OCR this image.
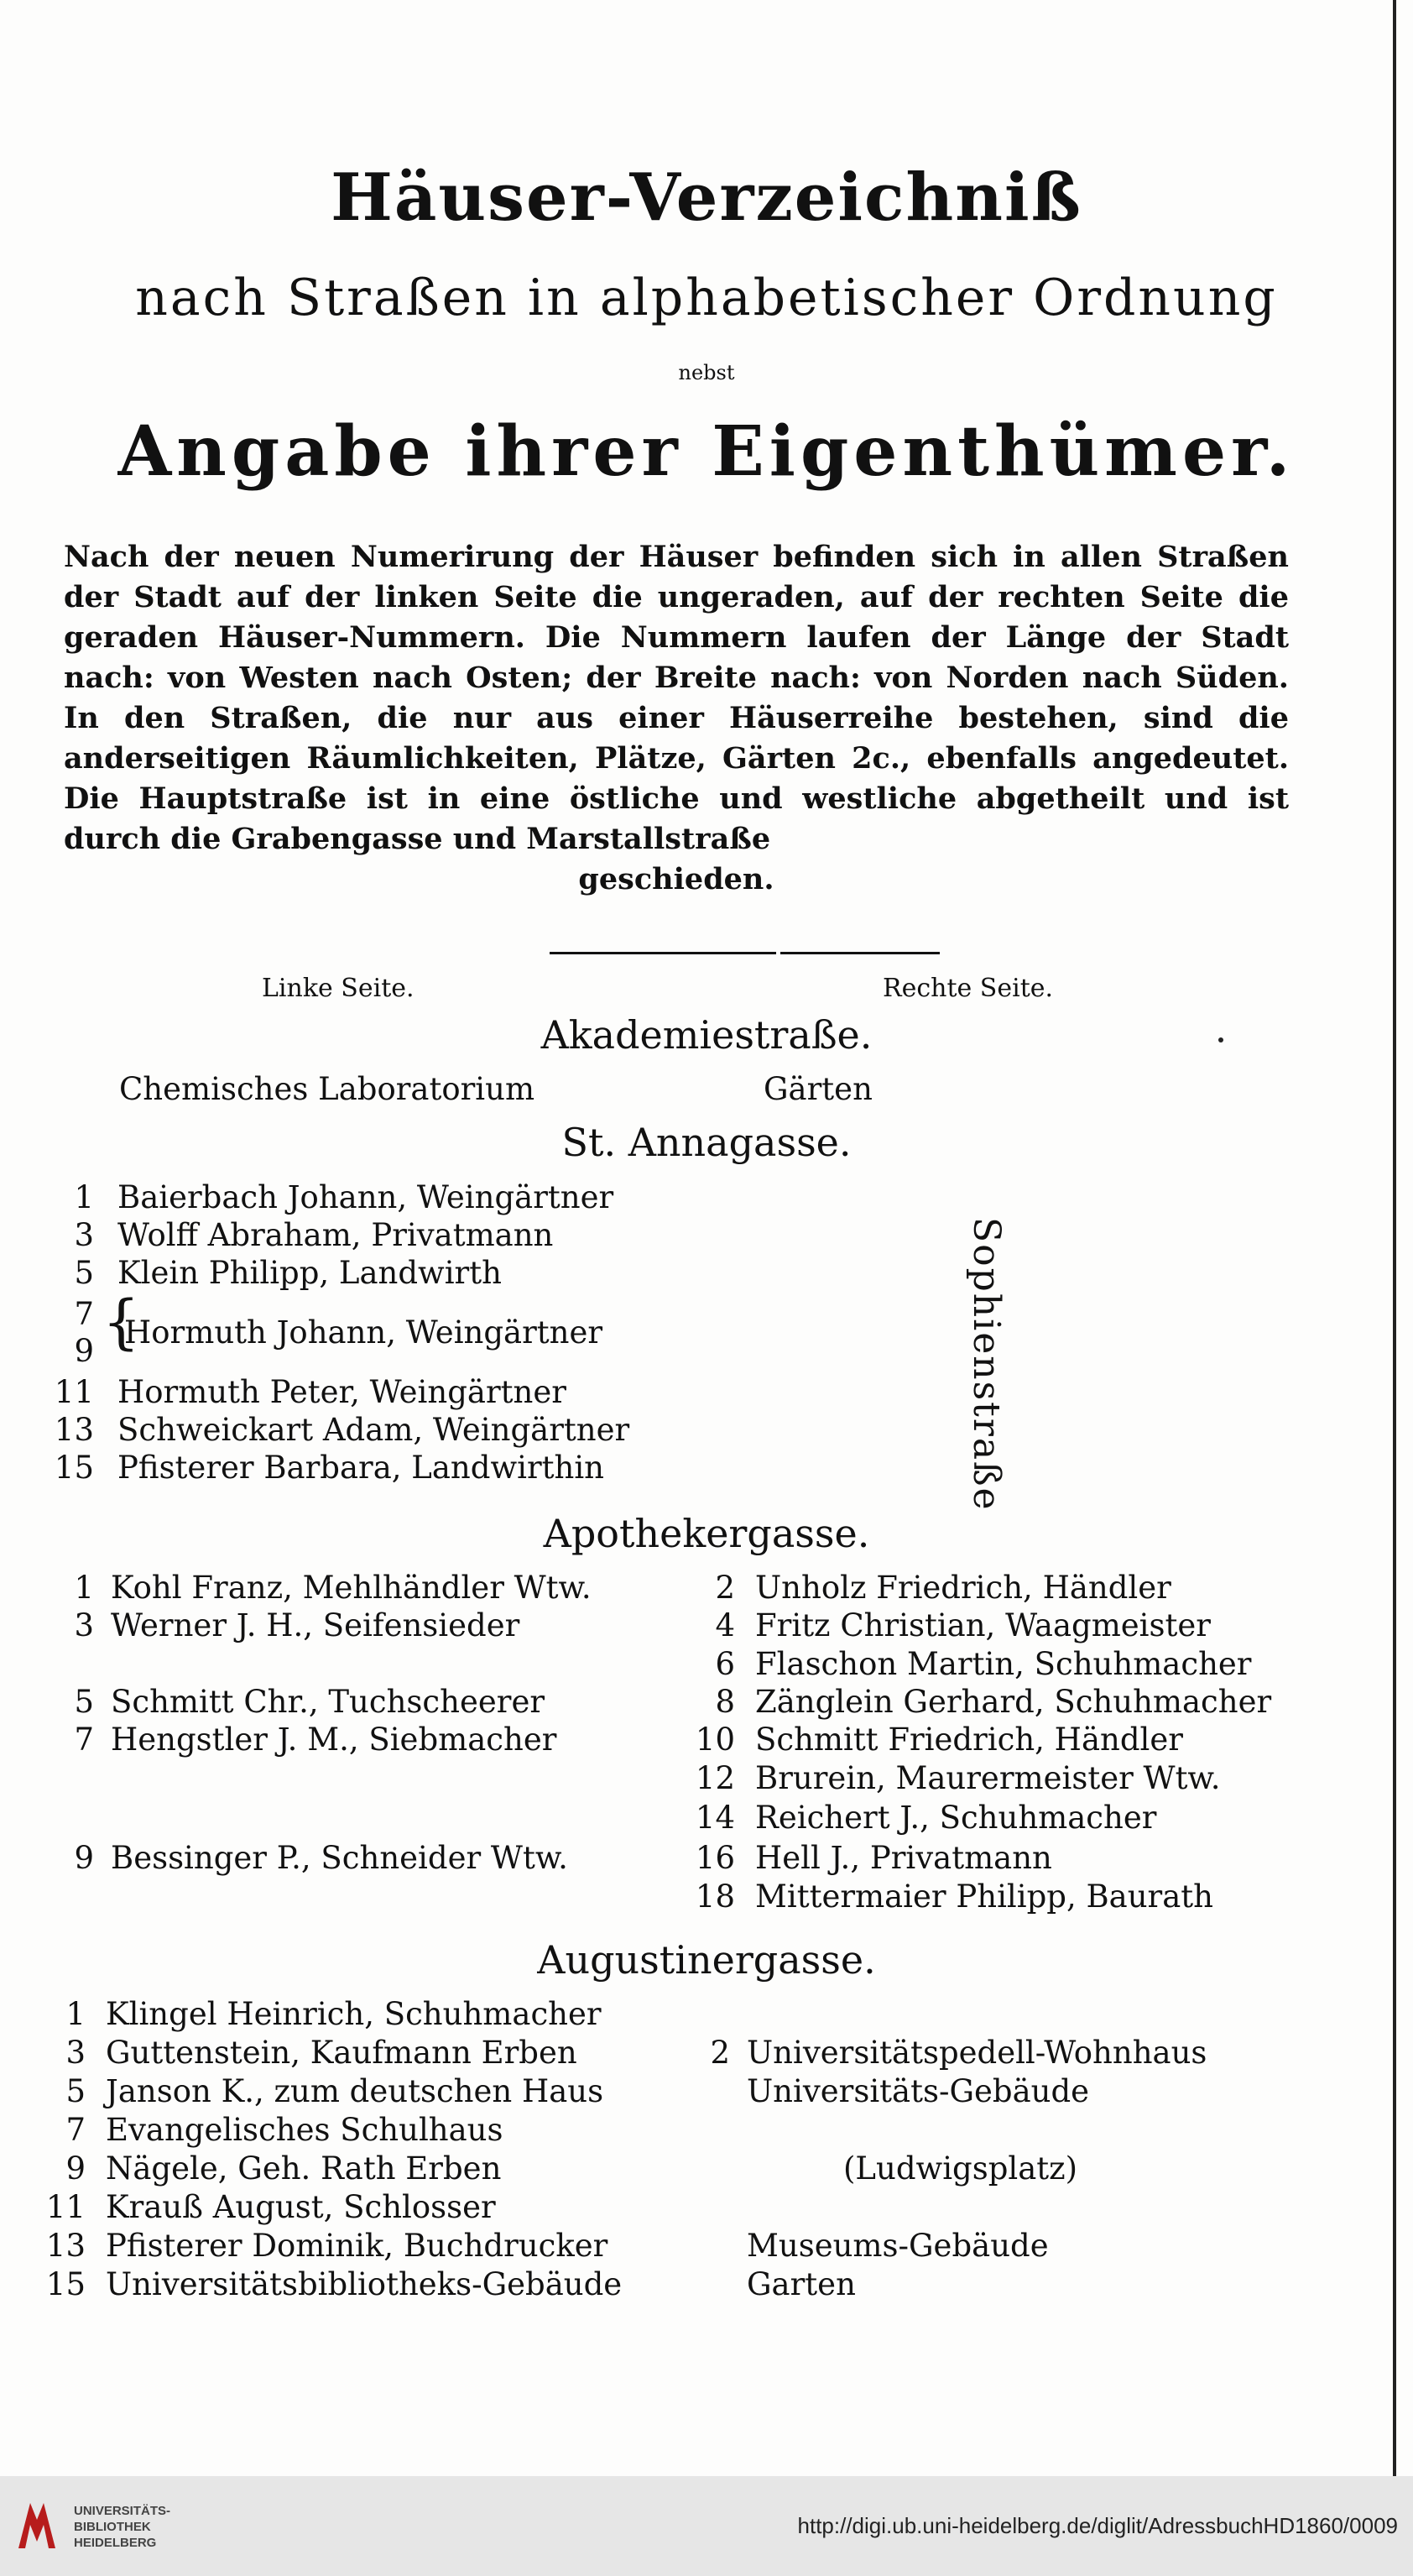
Häuser-Verzeichniß
nach Straßen in alphabetischer Ordnung
nebst
Angabe ihrer Eigenthümer.
Nach der neuen Numerirung der Häuser befinden sich in allen Straßen der Stadt auf der linken Seite die ungeraden, auf der rechten Seite die geraden Häuser-Nummern. Die Nummern laufen der Länge der Stadt nach: von Westen nach Osten; der Breite nach: von Norden nach Süden. In den Straßen, die nur aus einer Häuserreihe bestehen, sind die anderseitigen Räumlichkeiten, Plätze, Gärten 2c., ebenfalls angedeutet. Die Hauptstraße ist in eine östliche und westliche abgetheilt und ist durch die Grabengasse und Marstallstraße
geschieden.
Linke Seite.	Rechte Seite.
Akademiestraße.
Chemisches Laboratorium	Gärten
St. Annagasse.
1 Baierbach Johann, Weingärtner
3 Wolff Abraham, Privatmann
5 Klein Philipp, Landwirth
7
9 {
Hormuth Johann, Weingärtner
11 Hormuth Peter, Weingärtner
13 Schweickart Adam, Weingärtner
15 Pfisterer Barbara, Landwirthin	Sophienstraße
Apothekergasse.
1 Kohl Franz, Mehlhändler Wtw.
3 Werner J. H., Seifensieder
5 Schmitt Chr., Tuchscheerer
7 Hengstler J. M., Siebmacher
9 Bessinger P., Schneider Wtw.
2 Unholz Friedrich, Händler
4 Fritz Christian, Waagmeister
6 Flaschon Martin, Schuhmacher
8 Zänglein Gerhard, Schuhmacher
10 Schmitt Friedrich, Händler
12 Brurein, Maurermeister Wtw.
14 Reichert J., Schuhmacher
16 Hell J., Privatmann
18 Mittermaier Philipp, Baurath
Augustinergasse.
1 Klingel Heinrich, Schuhmacher
3 Guttenstein, Kaufmann Erben
5 Janson K., zum deutschen Haus
7 Evangelisches Schulhaus
9 Nägele, Geh. Rath Erben
11 Krauß August, Schlosser
13 Pfisterer Dominik, Buchdrucker
15 Universitätsbibliotheks-Gebäude
2 Universitätspedell-Wohnhaus
Universitäts-Gebäude
(Ludwigsplatz)
Museums-Gebäude
Garten
UNIVERSITÄTS-
BIBLIOTHEK
HEIDELBERG
http://digi.ub.uni-heidelberg.de/diglit/AdressbuchHD1860/0009
